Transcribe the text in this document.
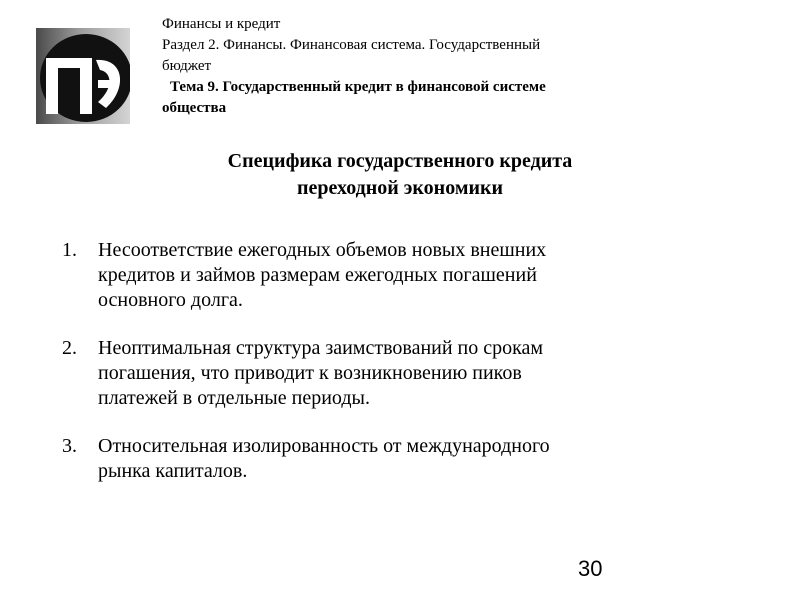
Финансы и кредит
Раздел 2. Финансы. Финансовая система. Государственный
бюджет
Тема 9. Государственный кредит в финансовой системе
общества
Специфика государственного кредита
переходной экономики
1. Несоответствие ежегодных объемов новых внешних
кредитов и займов размерам ежегодных погашений
основного долга.
2. Неоптимальная структура заимствований по срокам
погашения, что приводит к возникновению пиков
платежей в отдельные периоды.
3. Относительная изолированность от международного
рынка капиталов.
30
